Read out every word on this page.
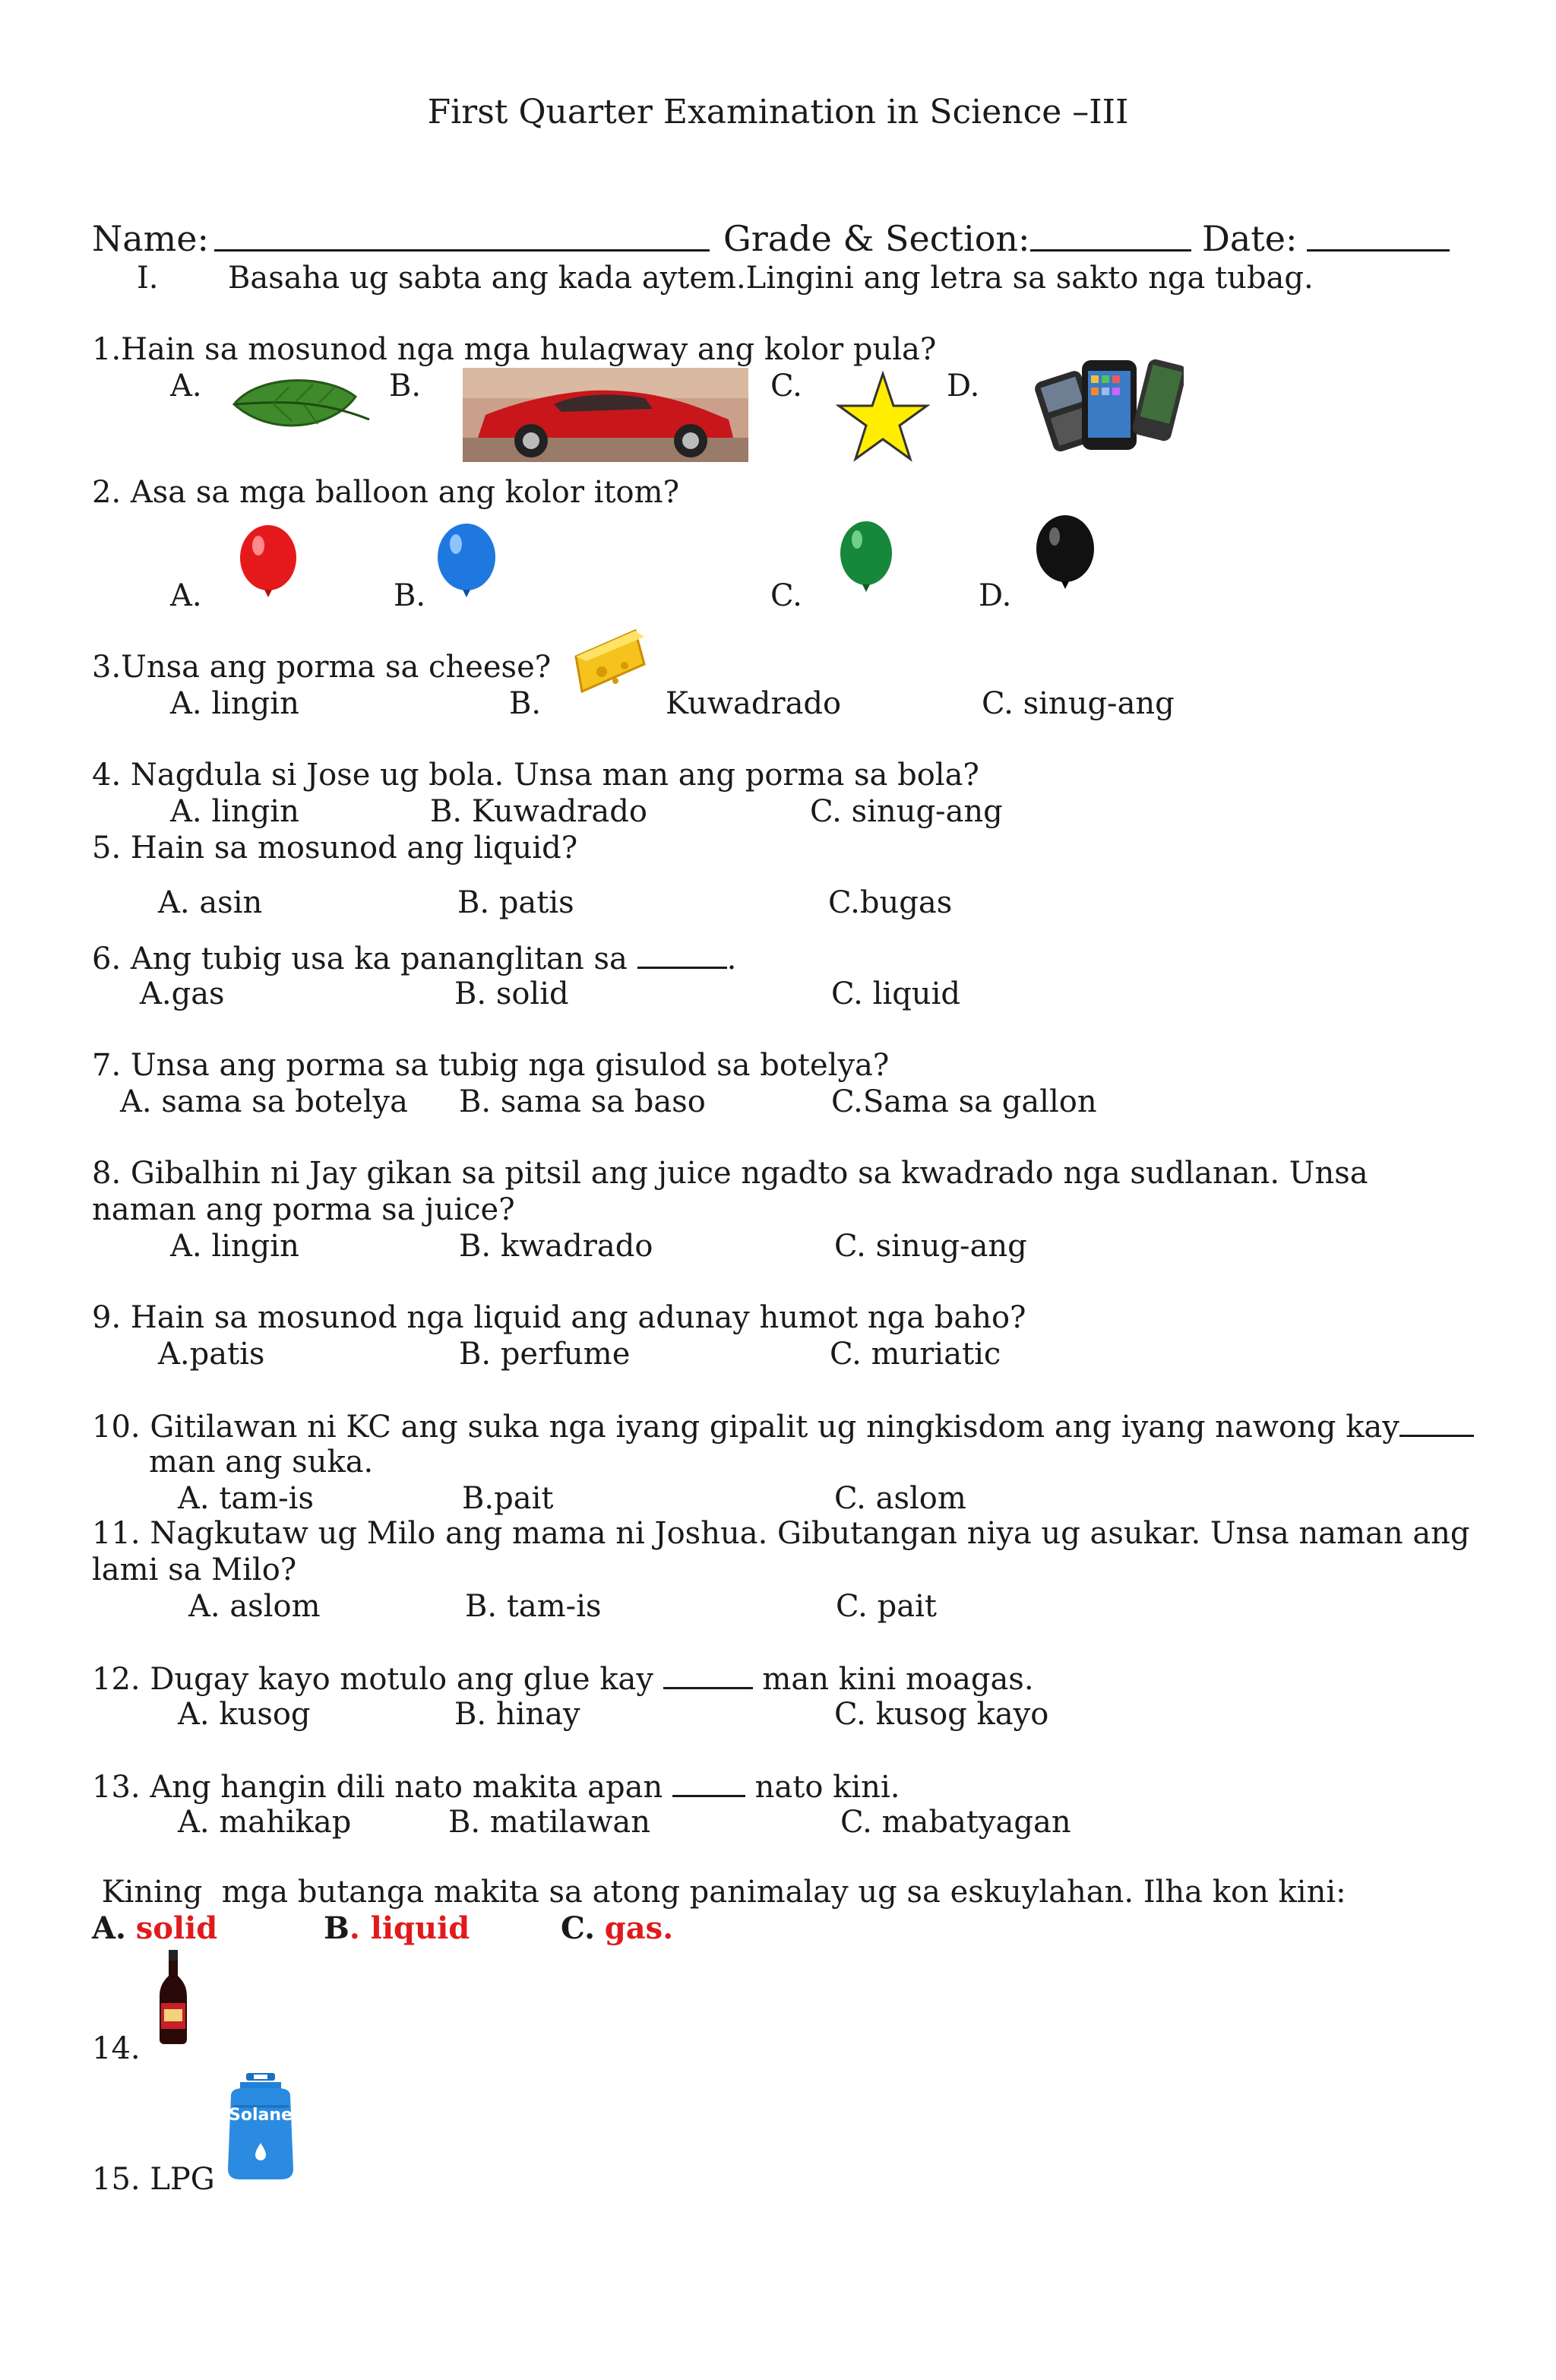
First Quarter Examination in Science –III
Name:	Grade & Section:	Date:
I. Basaha ug sabta ang kada aytem.Lingini ang letra sa sakto nga tubag.
1.Hain sa mosunod nga mga hulagway ang kolor pula?
A.	B.	C.	D.
2. Asa sa mga balloon ang kolor itom?
A.	B.	C.	D.
3.Unsa ang porma sa cheese?
A. lingin	B.	Kuwadrado	C. sinug-ang
4. Nagdula si Jose ug bola. Unsa man ang porma sa bola?
A. lingin	B. Kuwadrado	C. sinug-ang
5. Hain sa mosunod ang liquid?
A. asin	B. patis	C.bugas
6. Ang tubig usa ka pananglitan sa	.
A.gas	B. solid	C. liquid
7. Unsa ang porma sa tubig nga gisulod sa botelya?
A. sama sa botelya B. sama sa baso	C.Sama sa gallon
8. Gibalhin ni Jay gikan sa pitsil ang juice ngadto sa kwadrado nga sudlanan. Unsa
naman ang porma sa juice?
A. lingin	B. kwadrado	C. sinug-ang
9. Hain sa mosunod nga liquid ang adunay humot nga baho?
A.patis	B. perfume	C. muriatic
10. Gitilawan ni KC ang suka nga iyang gipalit ug ningkisdom ang iyang nawong kay
man ang suka.
A. tam-is	B.pait	C. aslom
11. Nagkutaw ug Milo ang mama ni Joshua. Gibutangan niya ug asukar. Unsa naman ang
lami sa Milo?
A. aslom	B. tam-is	C. pait
12. Dugay kayo motulo ang glue kay	man kini moagas.
A. kusog	B. hinay	C. kusog kayo
13. Ang hangin dili nato makita apan  nato kini.
A. mahikap	B. matilawan	C. mabatyagan
Kining  mga butanga makita sa atong panimalay ug sa eskuylahan. Ilha kon kini:
A. solid	B. liquid	C. gas.
14.
Solane
15. LPG
